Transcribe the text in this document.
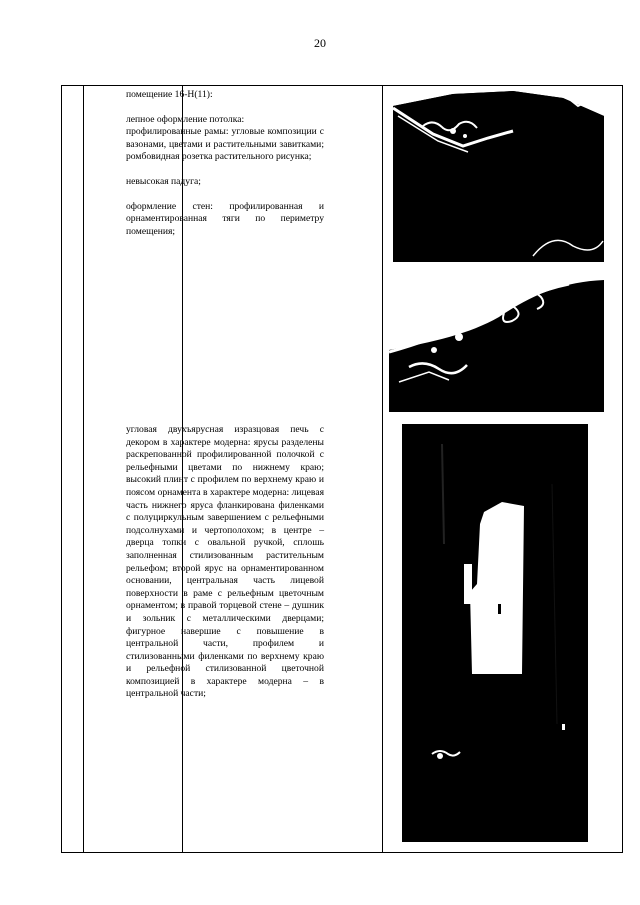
20

помещение 16-Н(11):

лепное оформление потолка:

профилированные рамы: угловые композиции с вазонами, цветами и растительными завитками; ромбовидная розетка растительного рисунка;

невысокая падуга;

оформление стен: профилированная и орнаментированная тяги по периметру помещения;

угловая двухъярусная изразцовая печь с декором в характере модерна: ярусы разделены раскрепованной профилированной полочкой с рельефными цветами по нижнему краю; высокий плинт с профилем по верхнему краю и поясом орнамента в характере модерна: лицевая часть нижнего яруса фланкирована филенками с полуциркульным завершением с рельефными подсолнухами и чертополохом; в центре – дверца топки с овальной ручкой, сплошь заполненная стилизованным растительным рельефом; второй ярус на орнаментированном основании, центральная часть лицевой поверхности в раме с рельефным цветочным орнаментом; в правой торцевой стене – душник и зольник с металлическими дверцами; фигурное навершие с повышение в центральной части, профилем и стилизованными филенками по верхнему краю и рельефной стилизованной цветочной композицией в характере модерна – в центральной части;
